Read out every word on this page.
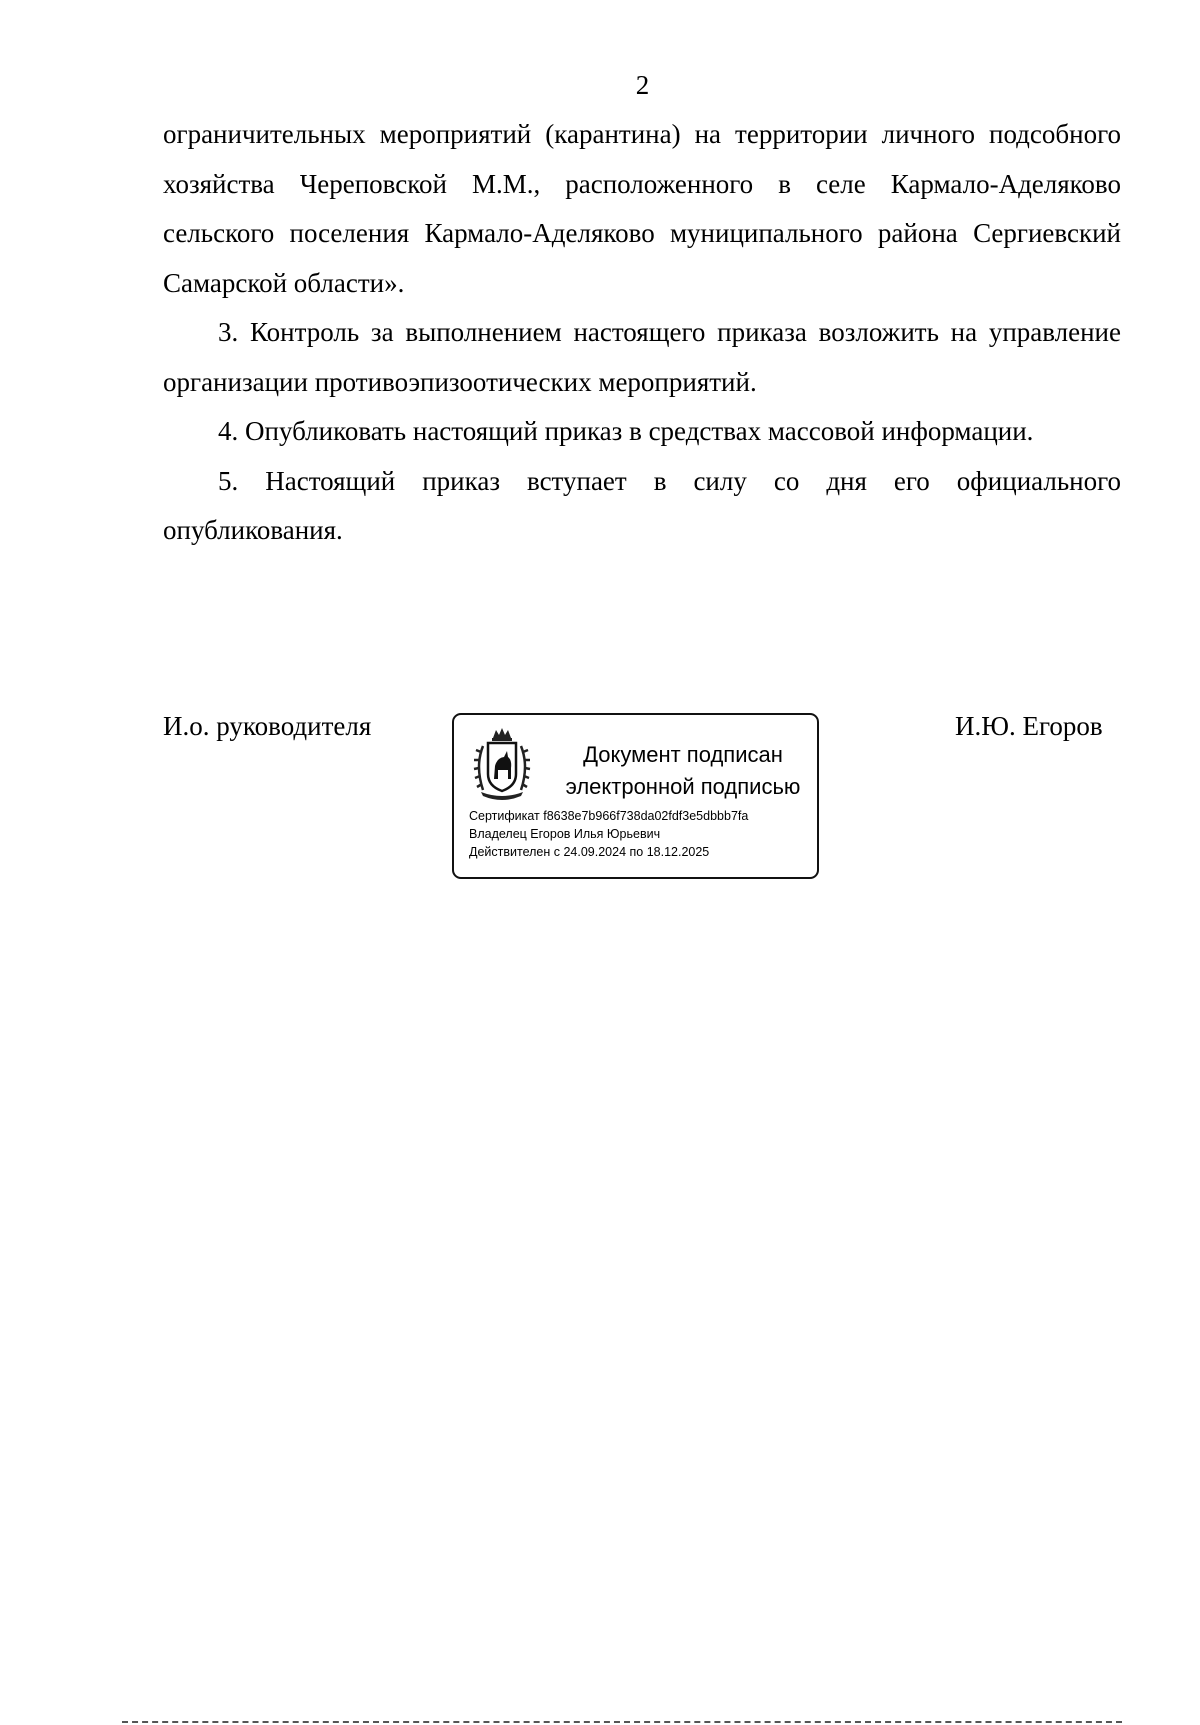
2

ограничительных мероприятий (карантина) на территории личного подсобного хозяйства Череповской М.М., расположенного в селе Кармало-Аделяково сельского поселения Кармало-Аделяково муниципального района Сергиевский Самарской области».

3. Контроль за выполнением настоящего приказа возложить на управление организации противоэпизоотических мероприятий.

4. Опубликовать настоящий приказ в средствах массовой информации.

5. Настоящий приказ вступает в силу со дня его официального опубликования.

И.о. руководителя	И.Ю. Егоров
Документ подписан
электронной подписью
Сертификат f8638e7b966f738da02fdf3e5dbbb7fa
Владелец Егоров Илья Юрьевич
Действителен с 24.09.2024 по 18.12.2025
